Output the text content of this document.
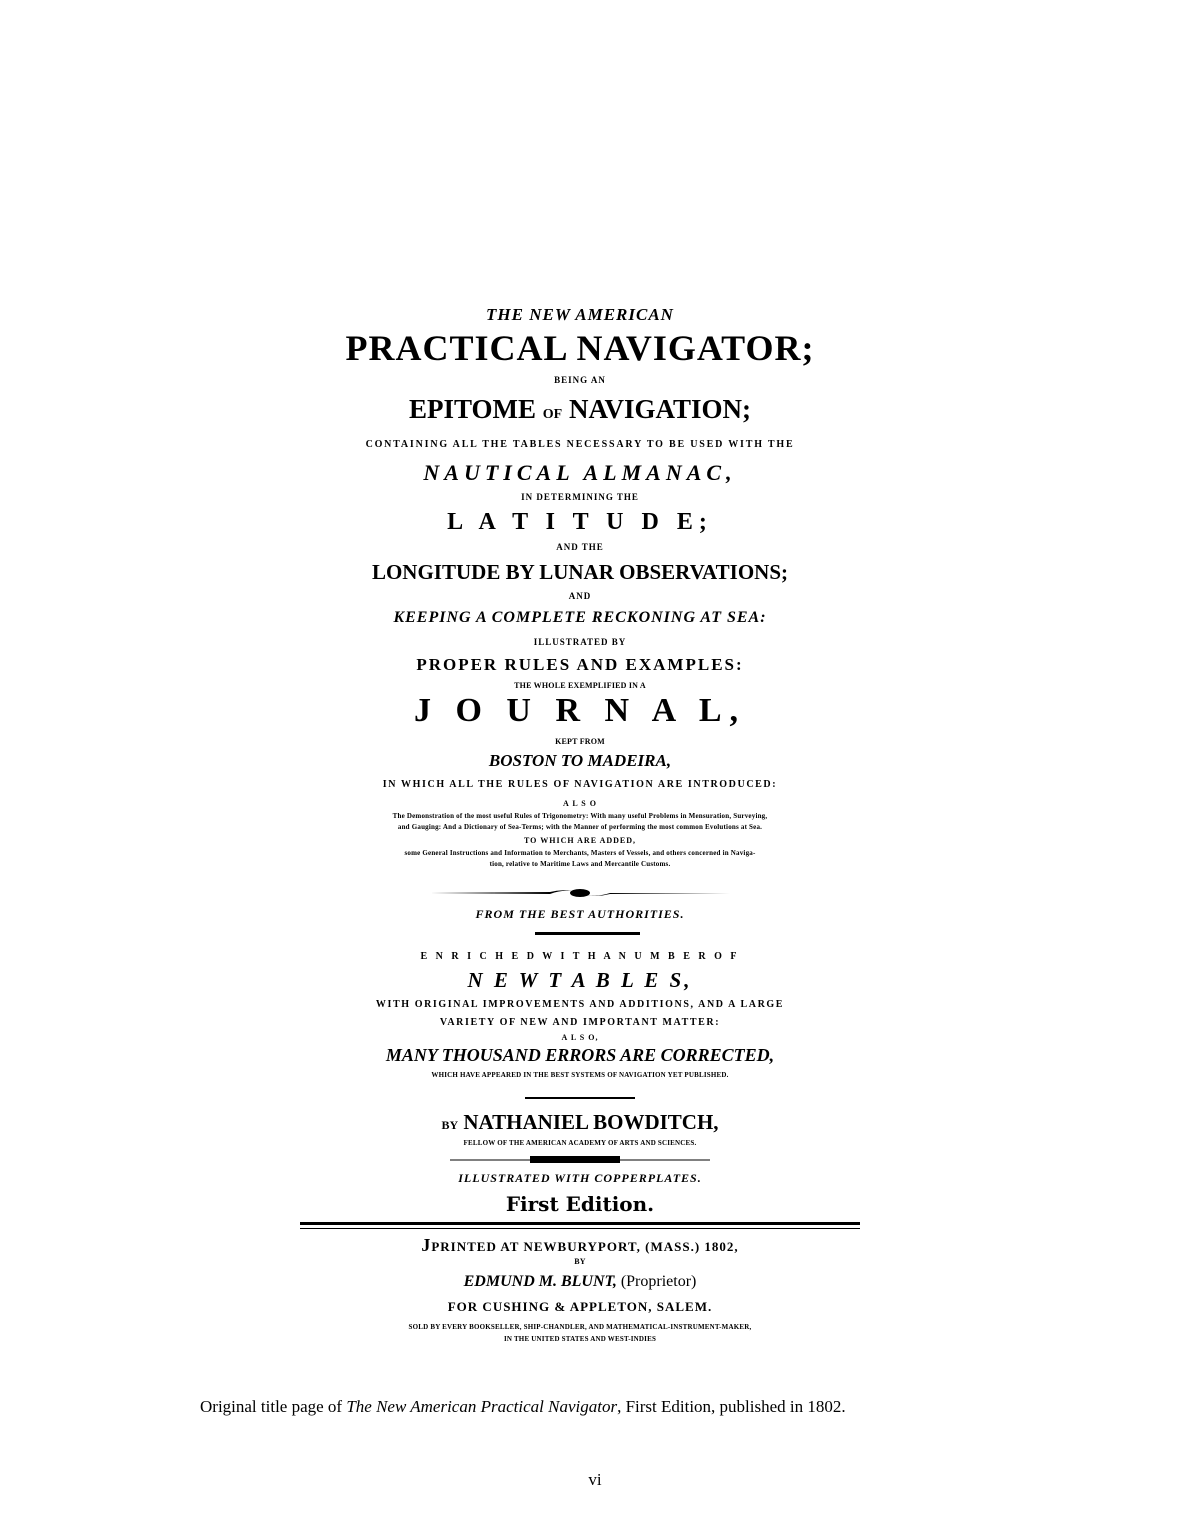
THE NEW AMERICAN
PRACTICAL NAVIGATOR;
BEING AN
EPITOME OF NAVIGATION;
CONTAINING ALL THE TABLES NECESSARY TO BE USED WITH THE
NAUTICAL ALMANAC,
IN DETERMINING THE
L A T I T U D E;
AND THE
LONGITUDE BY LUNAR OBSERVATIONS;
AND
KEEPING A COMPLETE RECKONING AT SEA:
ILLUSTRATED BY
PROPER RULES AND EXAMPLES:
THE WHOLE EXEMPLIFIED IN A
J O U R N A L,
KEPT FROM
BOSTON TO MADEIRA,
IN WHICH ALL THE RULES OF NAVIGATION ARE INTRODUCED:
A L S O
The Demonstration of the most useful Rules of Trigonometry: With many useful Problems in Mensuration, Surveying,
and Gauging: And a Dictionary of Sea-Terms; with the Manner of performing the most common Evolutions at Sea.
TO WHICH ARE ADDED,
some General Instructions and Information to Merchants, Masters of Vessels, and others concerned in Naviga-
tion, relative to Maritime Laws and Mercantile Customs.
FROM THE BEST AUTHORITIES.
E N R I C H E D W I T H A N U M B E R O F
N E W T A B L E S,
WITH ORIGINAL IMPROVEMENTS AND ADDITIONS, AND A LARGE
VARIETY OF NEW AND IMPORTANT MATTER:
A L S O,
MANY THOUSAND ERRORS ARE CORRECTED,
WHICH HAVE APPEARED IN THE BEST SYSTEMS OF NAVIGATION YET PUBLISHED.
BY NATHANIEL BOWDITCH,
FELLOW OF THE AMERICAN ACADEMY OF ARTS AND SCIENCES.
ILLUSTRATED WITH COPPERPLATES.
First Edition.
JPRINTED AT NEWBURYPORT, (MASS.) 1802,
BY
EDMUND M. BLUNT, (Proprietor)
FOR CUSHING & APPLETON, SALEM.
SOLD BY EVERY BOOKSELLER, SHIP-CHANDLER, AND MATHEMATICAL-INSTRUMENT-MAKER,
IN THE UNITED STATES AND WEST-INDIES
Original title page of The New American Practical Navigator, First Edition, published in 1802.
vi
